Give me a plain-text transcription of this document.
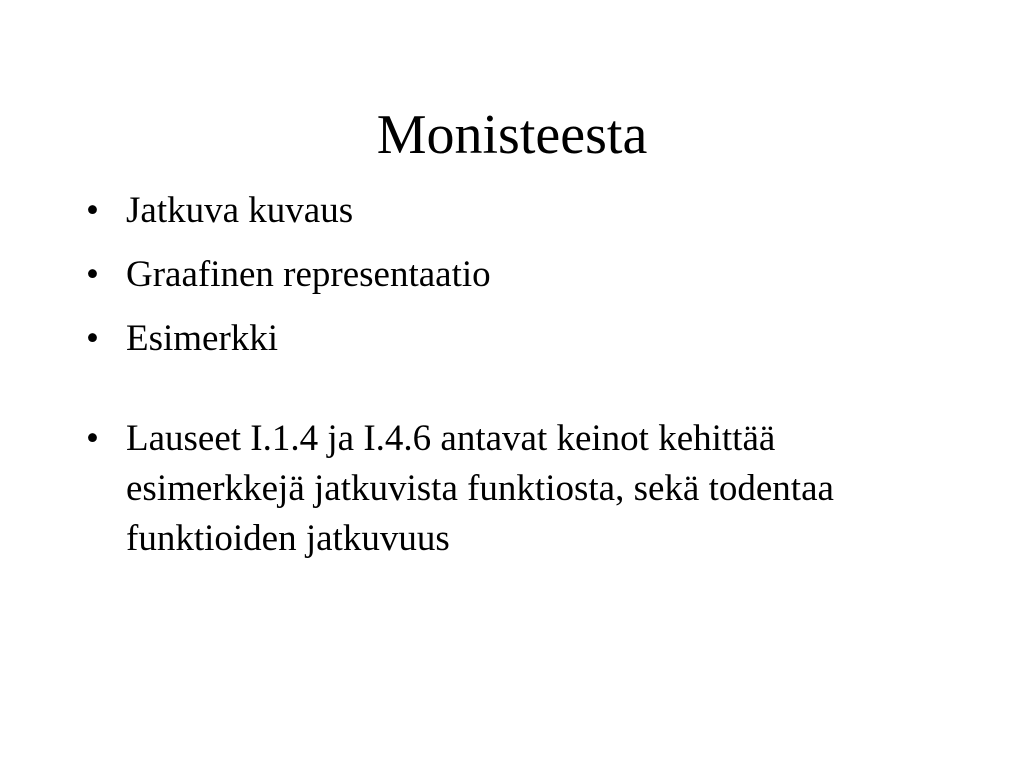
Monisteesta
• Jatkuva kuvaus
• Graafinen representaatio
• Esimerkki
• Lauseet I.1.4 ja I.4.6 antavat keinot kehittää esimerkkejä jatkuvista funktiosta, sekä todentaa funktioiden jatkuvuus
